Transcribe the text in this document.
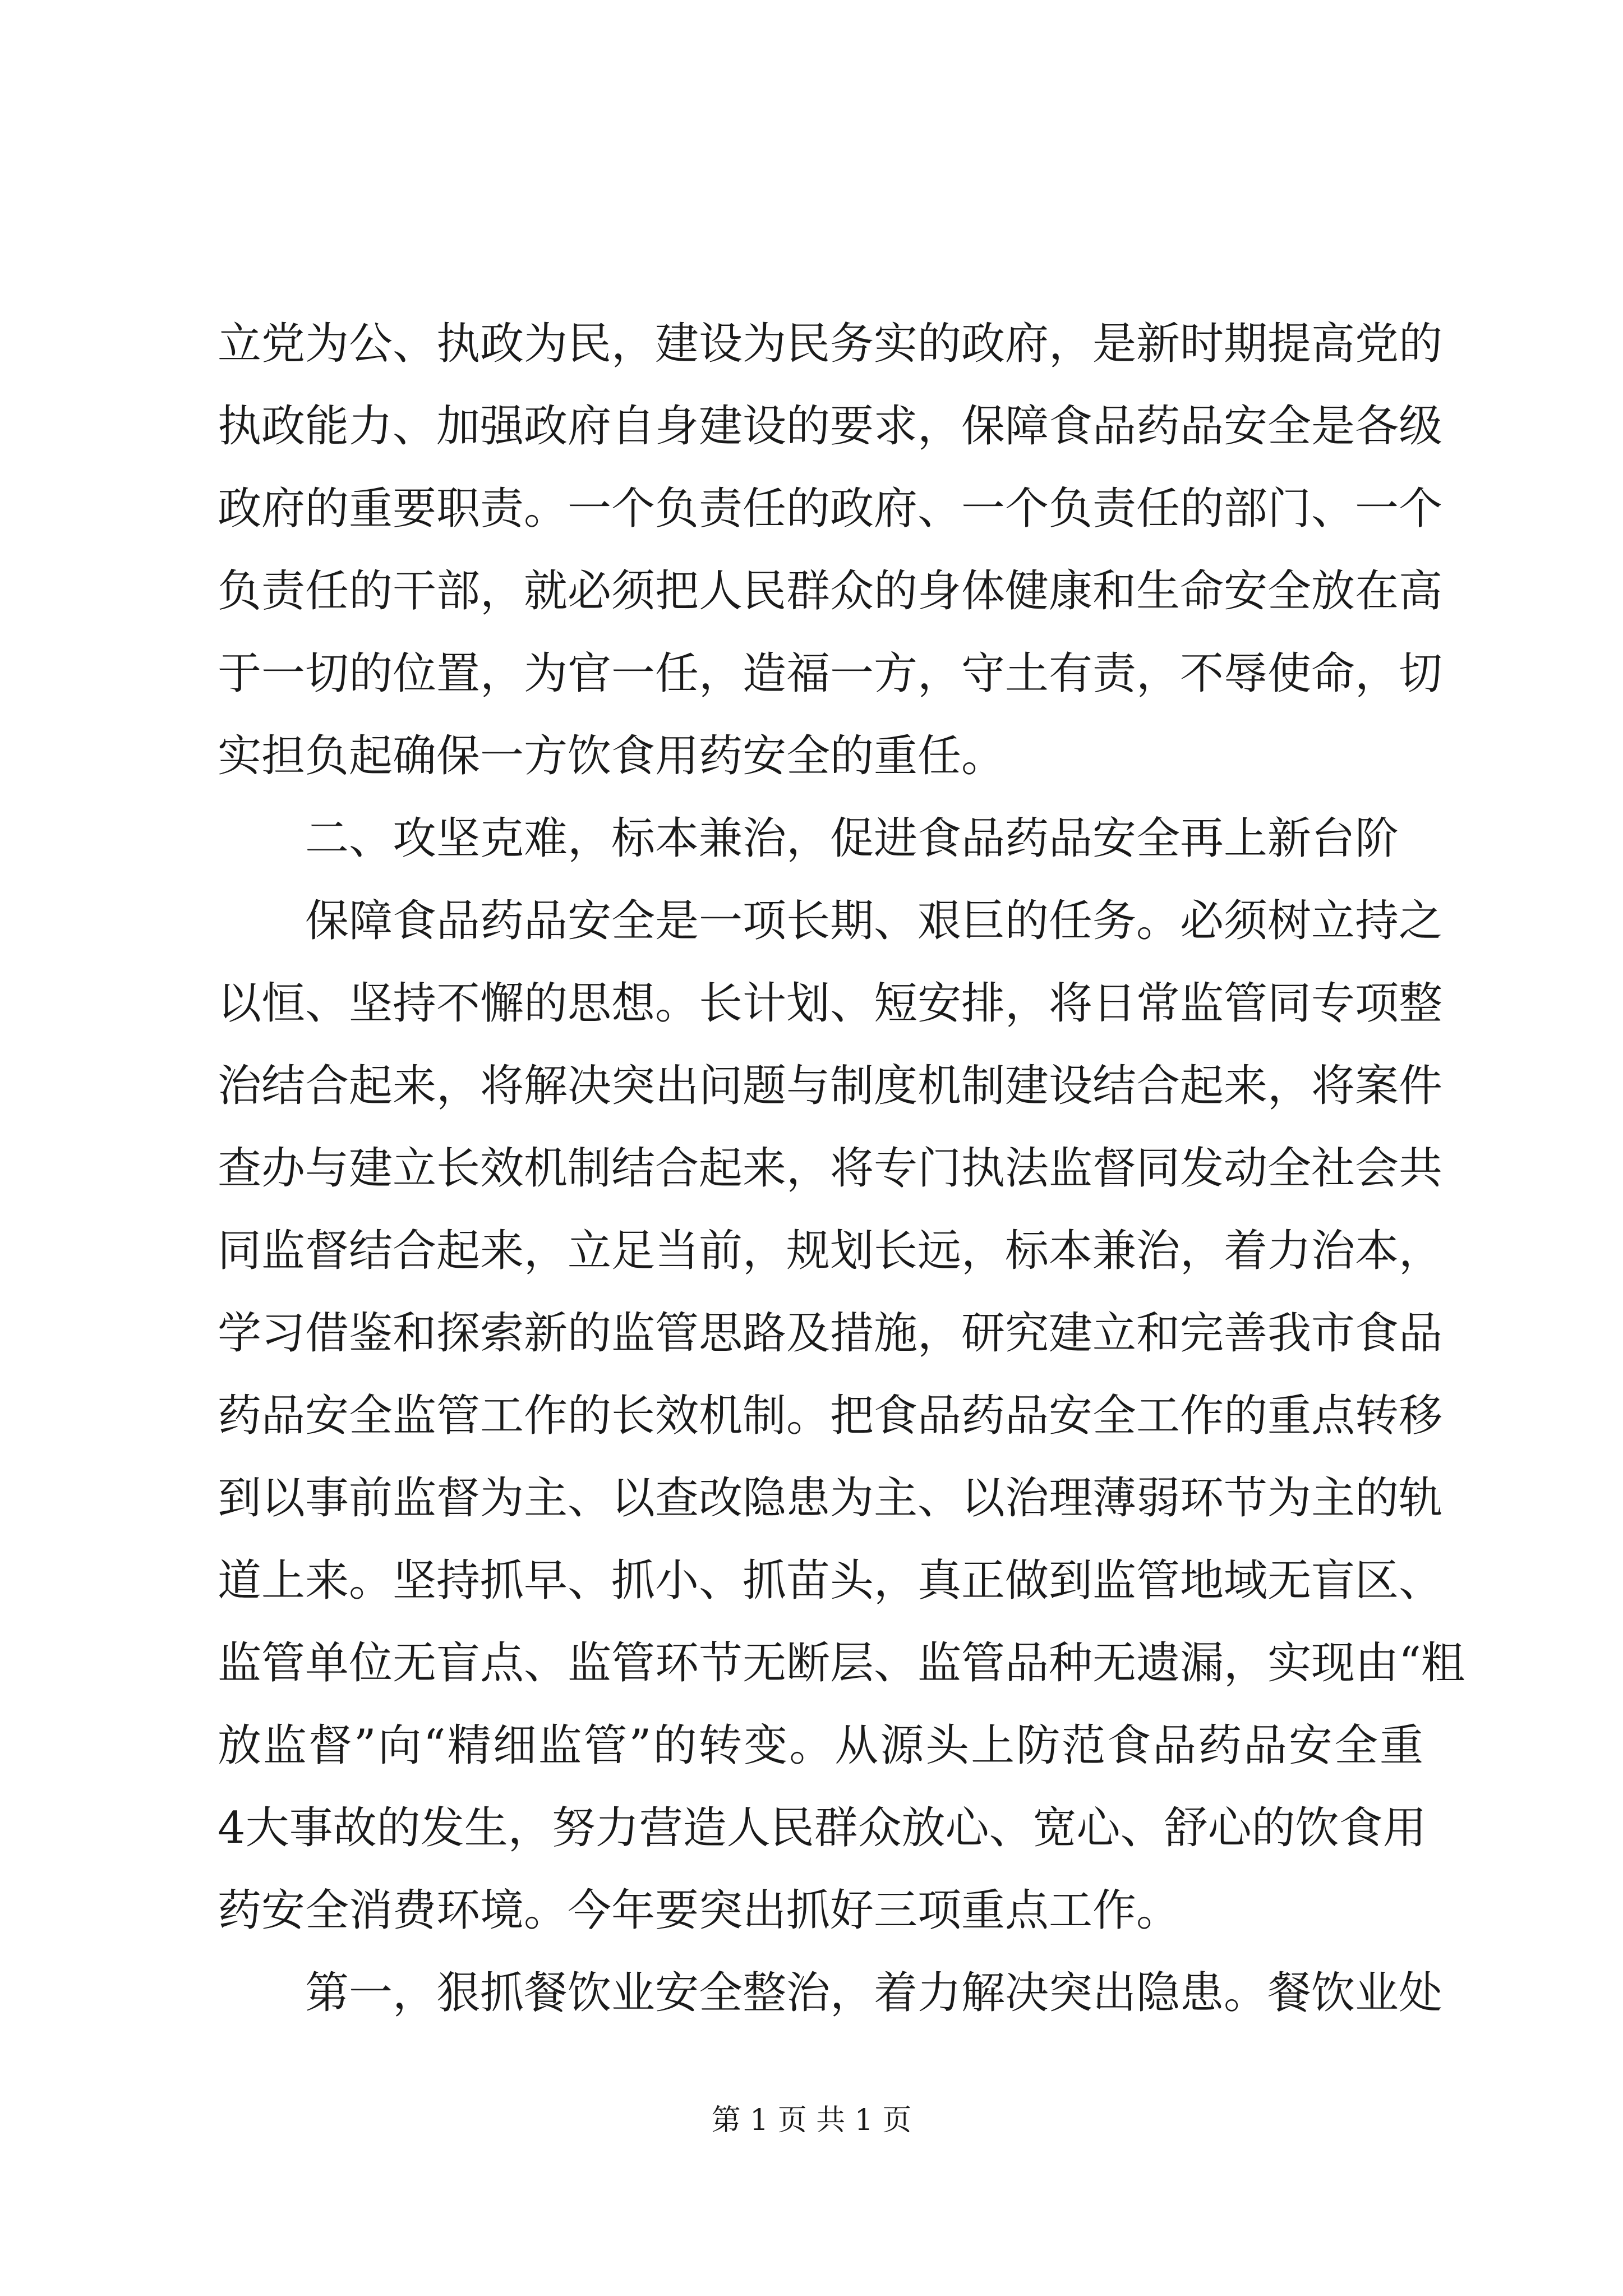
立党为公、执政为民，建设为民务实的政府，是新时期提高党的
执政能力、加强政府自身建设的要求，保障食品药品安全是各级
政府的重要职责。一个负责任的政府、一个负责任的部门、一个
负责任的干部，就必须把人民群众的身体健康和生命安全放在高
于一切的位置，为官一任，造福一方，守土有责，不辱使命，切
实担负起确保一方饮食用药安全的重任。
二、攻坚克难，标本兼治，促进食品药品安全再上新台阶
保障食品药品安全是一项长期、艰巨的任务。必须树立持之
以恒、坚持不懈的思想。长计划、短安排，将日常监管同专项整
治结合起来，将解决突出问题与制度机制建设结合起来，将案件
查办与建立长效机制结合起来，将专门执法监督同发动全社会共
同监督结合起来，立足当前，规划长远，标本兼治，着力治本，
学习借鉴和探索新的监管思路及措施，研究建立和完善我市食品
药品安全监管工作的长效机制。把食品药品安全工作的重点转移
到以事前监督为主、以查改隐患为主、以治理薄弱环节为主的轨
道上来。坚持抓早、抓小、抓苗头，真正做到监管地域无盲区、
监管单位无盲点、监管环节无断层、监管品种无遗漏，实现由“粗
放监督”向“精细监管”的转变。从源头上防范食品药品安全重
4大事故的发生，努力营造人民群众放心、宽心、舒心的饮食用
药安全消费环境。今年要突出抓好三项重点工作。
第一，狠抓餐饮业安全整治，着力解决突出隐患。餐饮业处
第 1 页 共 1 页
